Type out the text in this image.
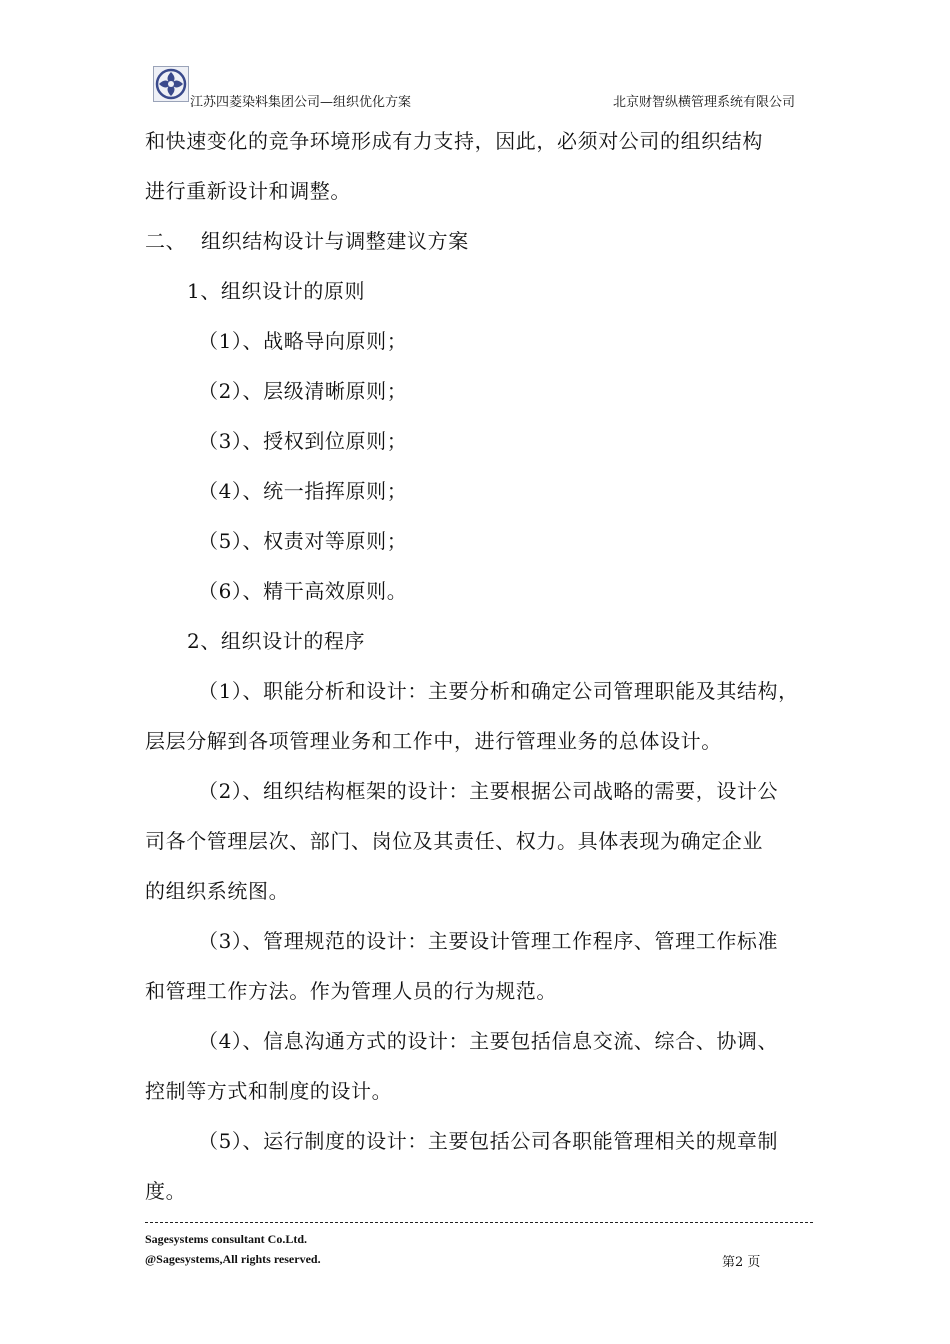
江苏四菱染料集团公司—组织优化方案	北京财智纵横管理系统有限公司

和快速变化的竞争环境形成有力支持，因此，必须对公司的组织结构

进行重新设计和调整。

二、 组织结构设计与调整建议方案

1、组织设计的原则

（1）、战略导向原则；

（2）、层级清晰原则；

（3）、授权到位原则；

（4）、统一指挥原则；

（5）、权责对等原则；

（6）、精干高效原则。

2、组织设计的程序

（1）、职能分析和设计：主要分析和确定公司管理职能及其结构，

层层分解到各项管理业务和工作中，进行管理业务的总体设计。

（2）、组织结构框架的设计：主要根据公司战略的需要，设计公

司各个管理层次、部门、岗位及其责任、权力。具体表现为确定企业

的组织系统图。

（3）、管理规范的设计：主要设计管理工作程序、管理工作标准

和管理工作方法。作为管理人员的行为规范。

（4）、信息沟通方式的设计：主要包括信息交流、综合、协调、

控制等方式和制度的设计。

（5）、运行制度的设计：主要包括公司各职能管理相关的规章制

度。

Sagesystems consultant Co.Ltd.
@Sagesystems,All rights reserved.	第2 页
